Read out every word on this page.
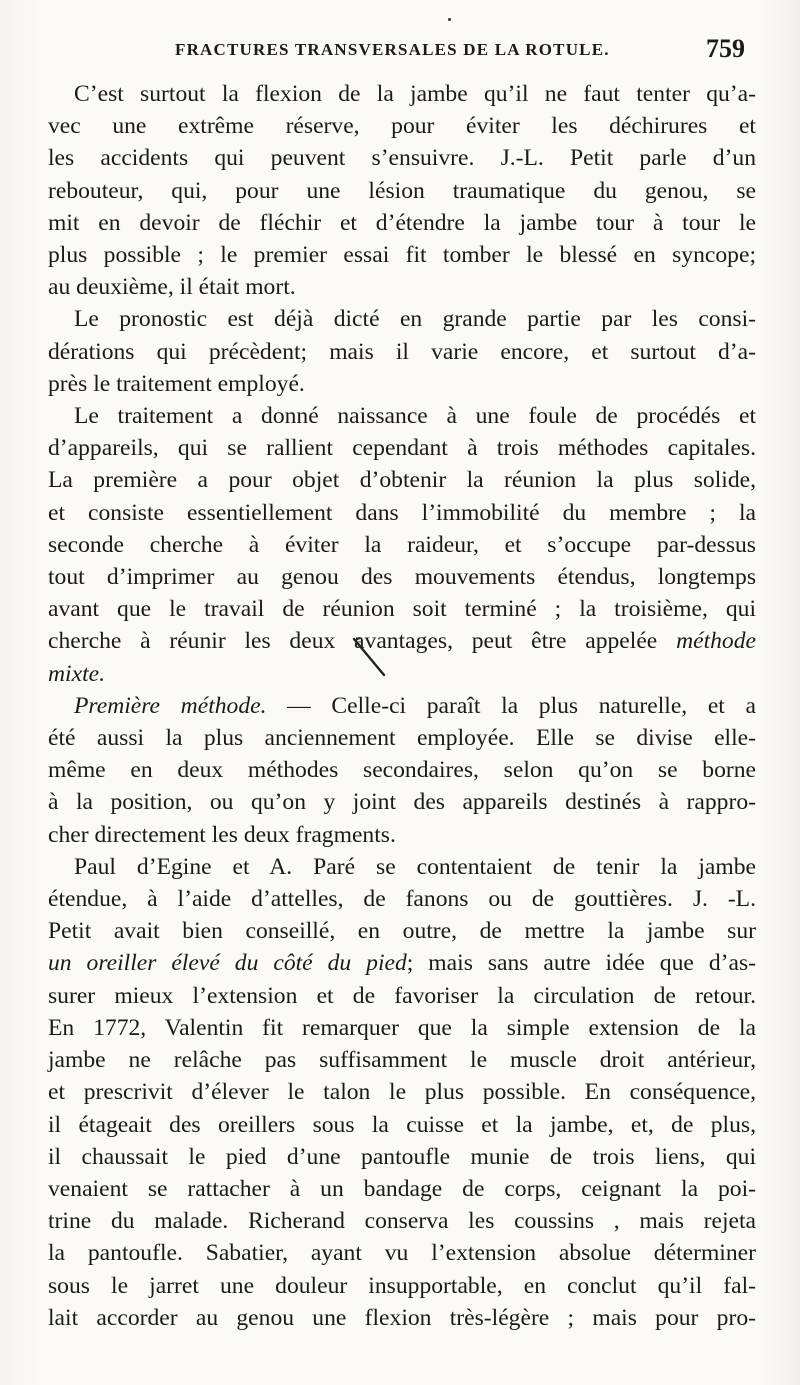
FRACTURES TRANSVERSALES DE LA ROTULE.	759
C’est surtout la flexion de la jambe qu’il ne faut tenter qu’a-
vec une extrême réserve, pour éviter les déchirures et
les accidents qui peuvent s’ensuivre. J.-L. Petit parle d’un
rebouteur, qui, pour une lésion traumatique du genou, se
mit en devoir de fléchir et d’étendre la jambe tour à tour le
plus possible ; le premier essai fit tomber le blessé en syncope;
au deuxième, il était mort.
Le pronostic est déjà dicté en grande partie par les consi-
dérations qui précèdent; mais il varie encore, et surtout d’a-
près le traitement employé.
Le traitement a donné naissance à une foule de procédés et
d’appareils, qui se rallient cependant à trois méthodes capitales.
La première a pour objet d’obtenir la réunion la plus solide,
et consiste essentiellement dans l’immobilité du membre ; la
seconde cherche à éviter la raideur, et s’occupe par-dessus
tout d’imprimer au genou des mouvements étendus, longtemps
avant que le travail de réunion soit terminé ; la troisième, qui
cherche à réunir les deux avantages, peut être appelée méthode
mixte.
Première méthode. — Celle-ci paraît la plus naturelle, et a
été aussi la plus anciennement employée. Elle se divise elle-
même en deux méthodes secondaires, selon qu’on se borne
à la position, ou qu’on y joint des appareils destinés à rappro-
cher directement les deux fragments.
Paul d’Egine et A. Paré se contentaient de tenir la jambe
étendue, à l’aide d’attelles, de fanons ou de gouttières. J. -L.
Petit avait bien conseillé, en outre, de mettre la jambe sur
un oreiller élevé du côté du pied; mais sans autre idée que d’as-
surer mieux l’extension et de favoriser la circulation de retour.
En 1772, Valentin fit remarquer que la simple extension de la
jambe ne relâche pas suffisamment le muscle droit antérieur,
et prescrivit d’élever le talon le plus possible. En conséquence,
il étageait des oreillers sous la cuisse et la jambe, et, de plus,
il chaussait le pied d’une pantoufle munie de trois liens, qui
venaient se rattacher à un bandage de corps, ceignant la poi-
trine du malade. Richerand conserva les coussins , mais rejeta
la pantoufle. Sabatier, ayant vu l’extension absolue déterminer
sous le jarret une douleur insupportable, en conclut qu’il fal-
lait accorder au genou une flexion très-légère ; mais pour pro-
